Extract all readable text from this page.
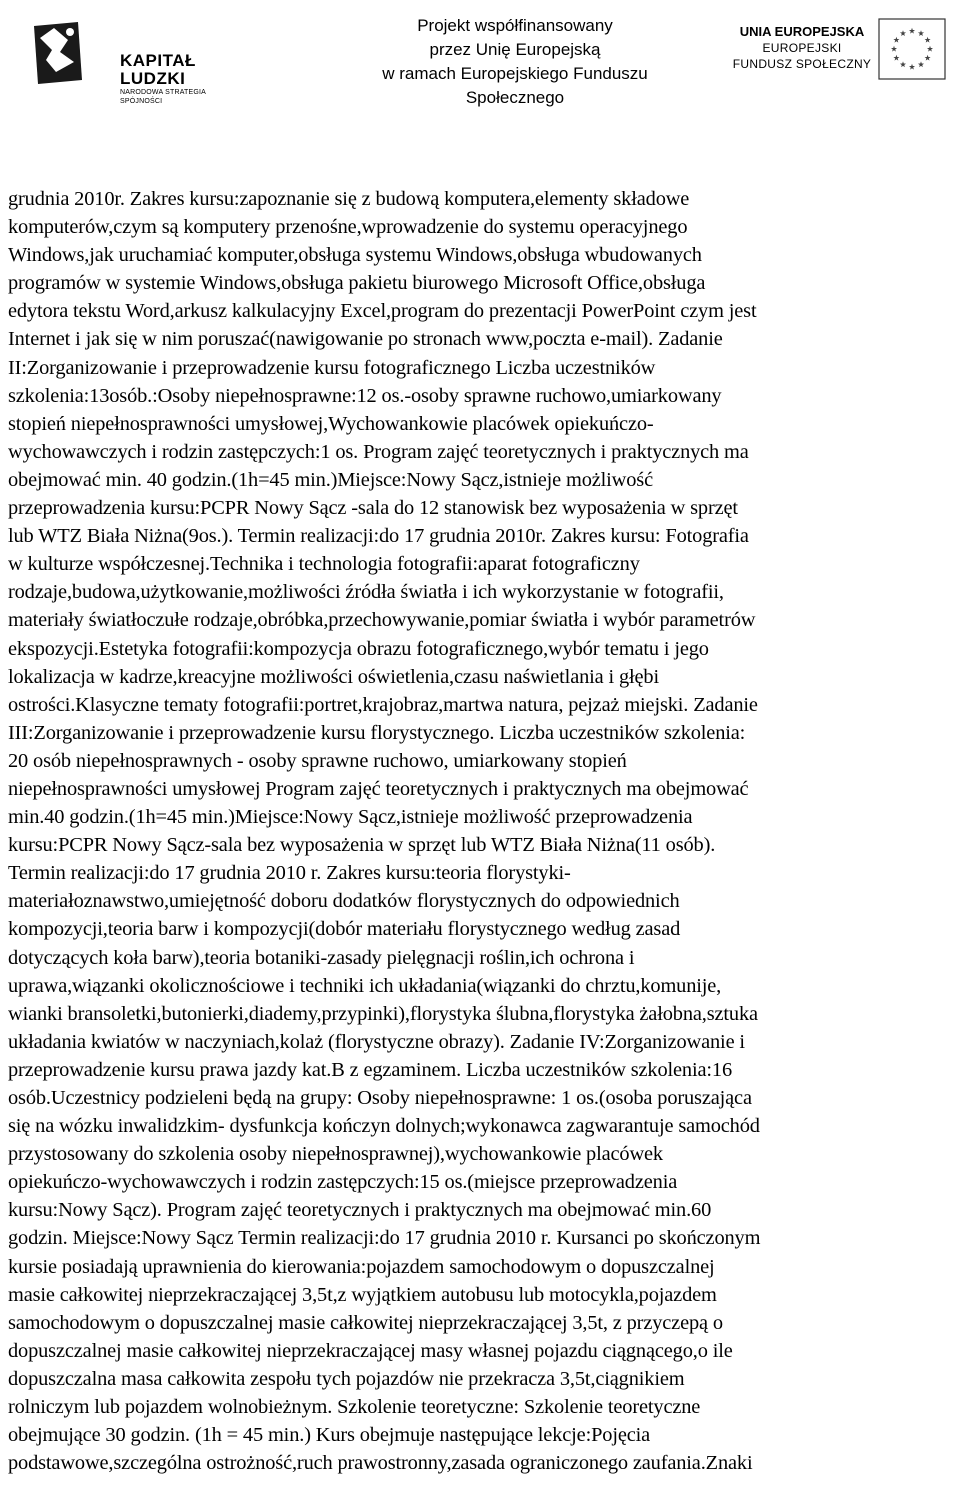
KAPITAŁ LUDZKI
NARODOWA STRATEGIA SPÓJNOŚCI
Projekt współfinansowany
przez Unię Europejską
w ramach Europejskiego Funduszu Społecznego
UNIA EUROPEJSKA
EUROPEJSKI
FUNDUSZ SPOŁECZNY
grudnia 2010r. Zakres kursu:zapoznanie się z budową komputera,elementy składowe
komputerów,czym są komputery przenośne,wprowadzenie do systemu operacyjnego
Windows,jak uruchamiać komputer,obsługa systemu Windows,obsługa wbudowanych
programów w systemie Windows,obsługa pakietu biurowego Microsoft Office,obsługa
edytora tekstu Word,arkusz kalkulacyjny Excel,program do prezentacji PowerPoint czym jest
Internet i jak się w nim poruszać(nawigowanie po stronach www,poczta e-mail). Zadanie
II:Zorganizowanie i przeprowadzenie kursu fotograficznego Liczba uczestników
szkolenia:13osób.:Osoby niepełnosprawne:12 os.-osoby sprawne ruchowo,umiarkowany
stopień niepełnosprawności umysłowej,Wychowankowie placówek opiekuńczo-
wychowawczych i rodzin zastępczych:1 os. Program zajęć teoretycznych i praktycznych ma
obejmować min. 40 godzin.(1h=45 min.)Miejsce:Nowy Sącz,istnieje możliwość
przeprowadzenia kursu:PCPR Nowy Sącz -sala do 12 stanowisk bez wyposażenia w sprzęt
lub WTZ Biała Niżna(9os.). Termin realizacji:do 17 grudnia 2010r. Zakres kursu: Fotografia
w kulturze współczesnej.Technika i technologia fotografii:aparat fotograficzny
rodzaje,budowa,użytkowanie,możliwości źródła światła i ich wykorzystanie w fotografii,
materiały światłoczułe rodzaje,obróbka,przechowywanie,pomiar światła i wybór parametrów
ekspozycji.Estetyka fotografii:kompozycja obrazu fotograficznego,wybór tematu i jego
lokalizacja w kadrze,kreacyjne możliwości oświetlenia,czasu naświetlania i głębi
ostrości.Klasyczne tematy fotografii:portret,krajobraz,martwa natura, pejzaż miejski. Zadanie
III:Zorganizowanie i przeprowadzenie kursu florystycznego. Liczba uczestników szkolenia:
20 osób niepełnosprawnych - osoby sprawne ruchowo, umiarkowany stopień
niepełnosprawności umysłowej Program zajęć teoretycznych i praktycznych ma obejmować
min.40 godzin.(1h=45 min.)Miejsce:Nowy Sącz,istnieje możliwość przeprowadzenia
kursu:PCPR Nowy Sącz-sala bez wyposażenia w sprzęt lub WTZ Biała Niżna(11 osób).
Termin realizacji:do 17 grudnia 2010 r. Zakres kursu:teoria florystyki-
materiałoznawstwo,umiejętność doboru dodatków florystycznych do odpowiednich
kompozycji,teoria barw i kompozycji(dobór materiału florystycznego według zasad
dotyczących koła barw),teoria botaniki-zasady pielęgnacji roślin,ich ochrona i
uprawa,wiązanki okolicznościowe i techniki ich układania(wiązanki do chrztu,komunije,
wianki bransoletki,butonierki,diademy,przypinki),florystyka ślubna,florystyka żałobna,sztuka
układania kwiatów w naczyniach,kolaż (florystyczne obrazy). Zadanie IV:Zorganizowanie i
przeprowadzenie kursu prawa jazdy kat.B z egzaminem. Liczba uczestników szkolenia:16
osób.Uczestnicy podzieleni będą na grupy: Osoby niepełnosprawne: 1 os.(osoba poruszająca
się na wózku inwalidzkim- dysfunkcja kończyn dolnych;wykonawca zagwarantuje samochód
przystosowany do szkolenia osoby niepełnosprawnej),wychowankowie placówek
opiekuńczo-wychowawczych i rodzin zastępczych:15 os.(miejsce przeprowadzenia
kursu:Nowy Sącz). Program zajęć teoretycznych i praktycznych ma obejmować min.60
godzin. Miejsce:Nowy Sącz Termin realizacji:do 17 grudnia 2010 r. Kursanci po skończonym
kursie posiadają uprawnienia do kierowania:pojazdem samochodowym o dopuszczalnej
masie całkowitej nieprzekraczającej 3,5t,z wyjątkiem autobusu lub motocykla,pojazdem
samochodowym o dopuszczalnej masie całkowitej nieprzekraczającej 3,5t, z przyczepą o
dopuszczalnej masie całkowitej nieprzekraczającej masy własnej pojazdu ciągnącego,o ile
dopuszczalna masa całkowita zespołu tych pojazdów nie przekracza 3,5t,ciągnikiem
rolniczym lub pojazdem wolnobieżnym. Szkolenie teoretyczne: Szkolenie teoretyczne
obejmujące 30 godzin. (1h = 45 min.) Kurs obejmuje następujące lekcje:Pojęcia
podstawowe,szczególna ostrożność,ruch prawostronny,zasada ograniczonego zaufania.Znaki
